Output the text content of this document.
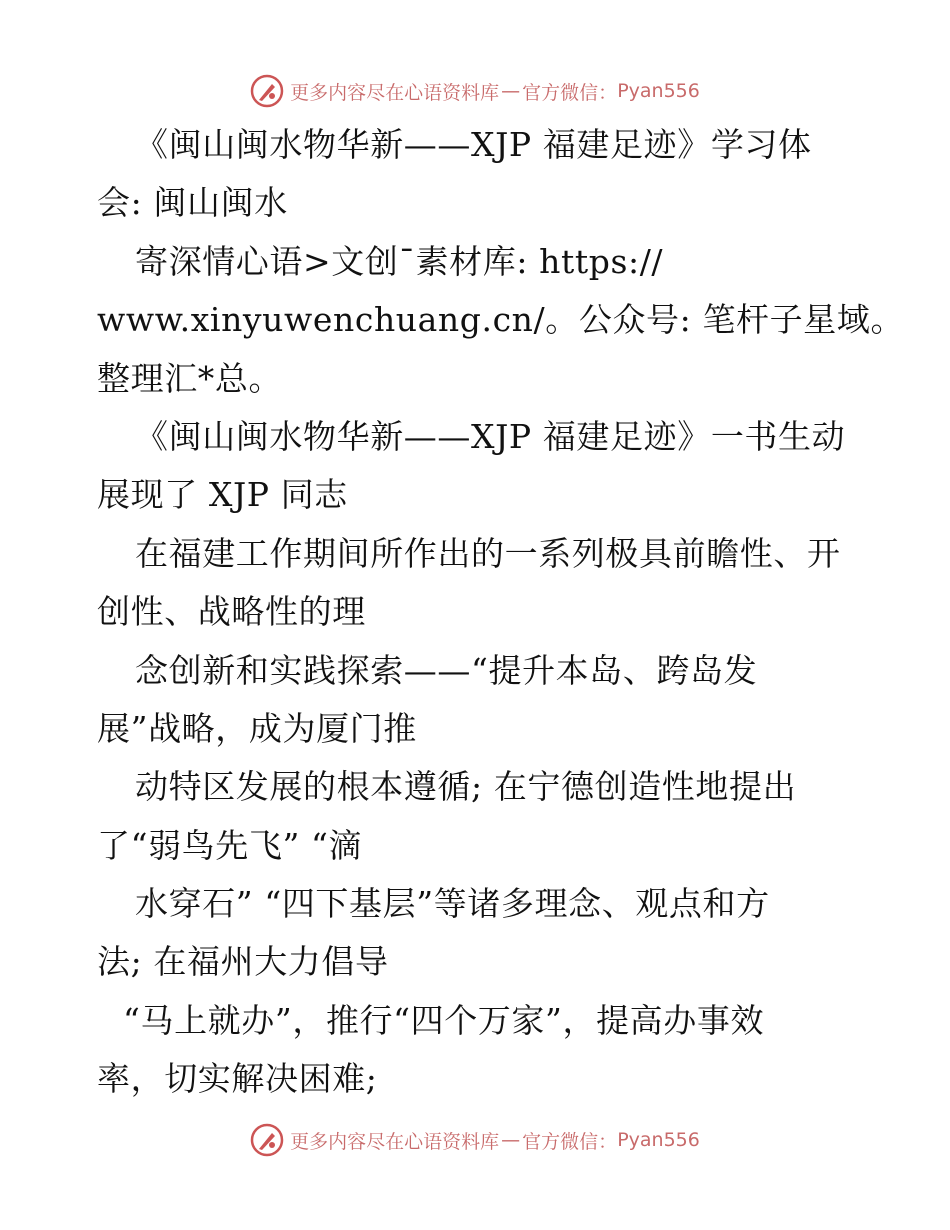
更多内容尽在心语资料库 — 官方微信： Pyan556
《闽山闽水物华新——XJP 福建足迹》学习体
会: 闽山闽水
寄深情心语>文创¯素材库: https://
www.xinyuwenchuang.cn/。公众号: 笔杆子星域。
整理汇*总。
《闽山闽水物华新——XJP 福建足迹》一书生动
展现了 XJP 同志
在福建工作期间所作出的一系列极具前瞻性、开
创性、战略性的理
念创新和实践探索——“提升本岛、跨岛发
展”战略，成为厦门推
动特区发展的根本遵循; 在宁德创造性地提出
了“弱鸟先飞” “滴
水穿石” “四下基层”等诸多理念、观点和方
法; 在福州大力倡导
“马上就办”，推行“四个万家”，提高办事效
率，切实解决困难;
更多内容尽在心语资料库 — 官方微信： Pyan556
